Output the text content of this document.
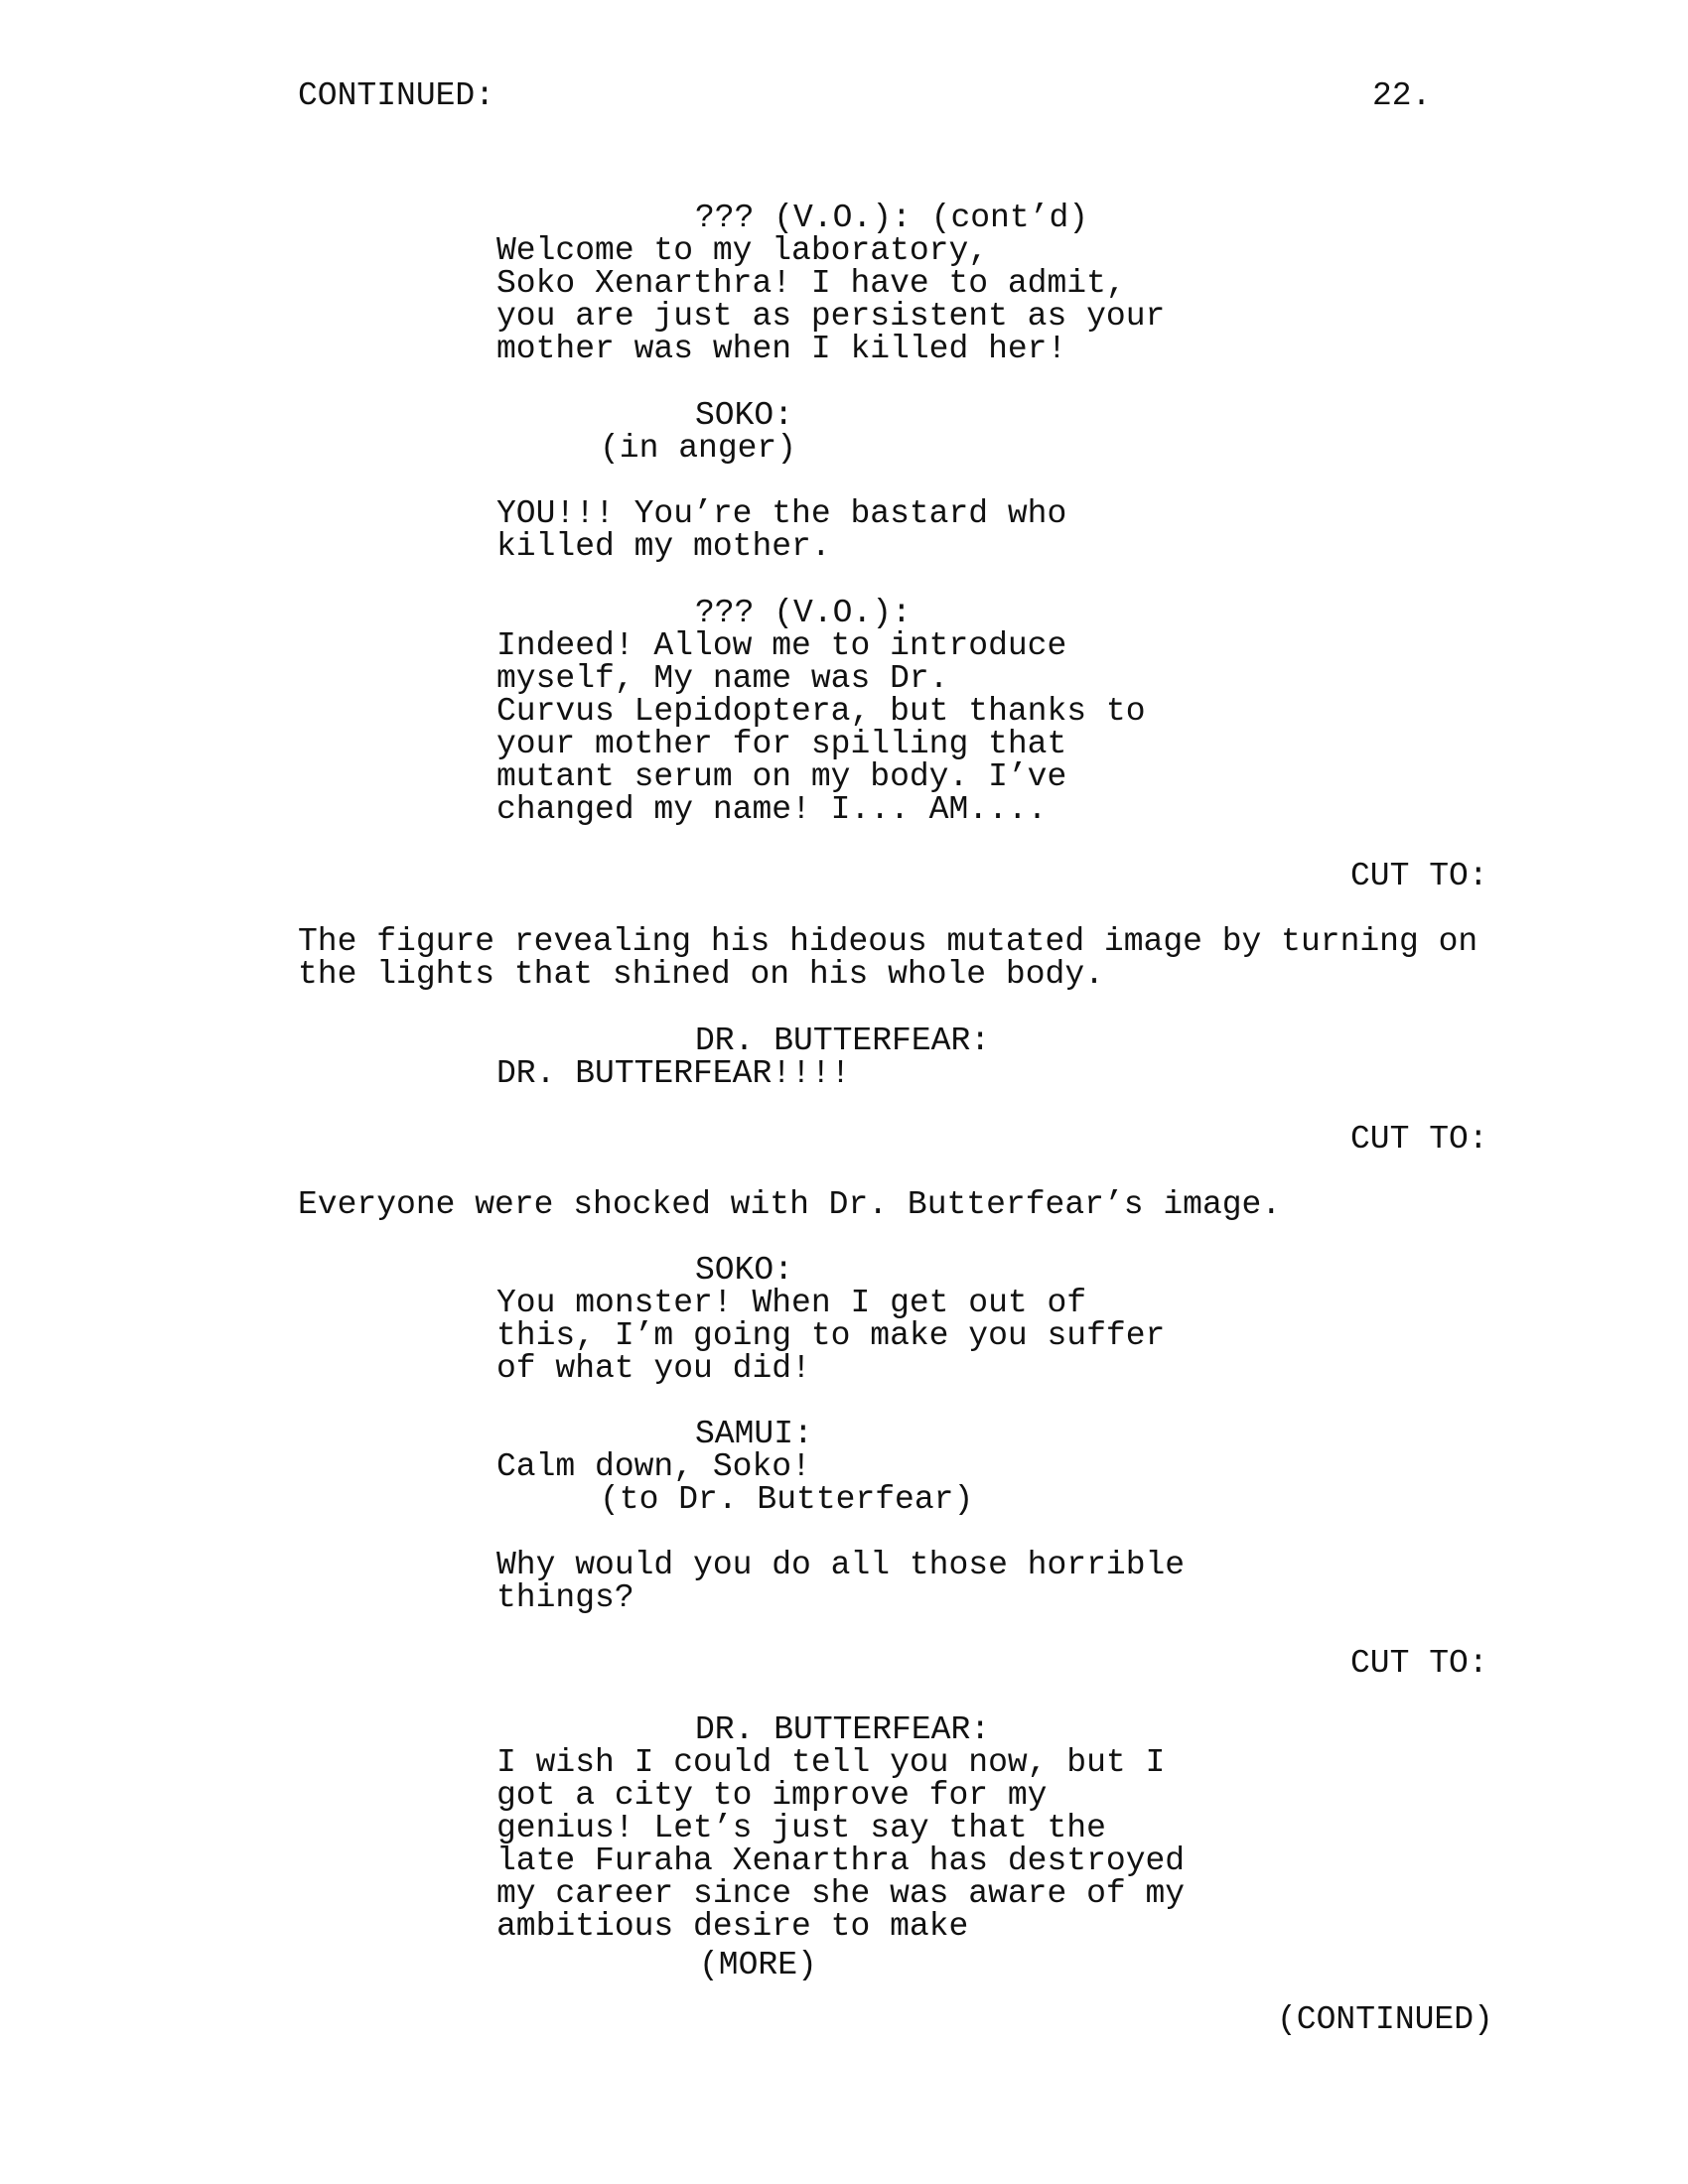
CONTINUED:	22.
??? (V.O.): (cont’d)
Welcome to my laboratory,
Soko Xenarthra! I have to admit,
you are just as persistent as your
mother was when I killed her!
SOKO:
(in anger)
YOU!!! You’re the bastard who
killed my mother.
??? (V.O.):
Indeed! Allow me to introduce
myself, My name was Dr.
Curvus Lepidoptera, but thanks to
your mother for spilling that
mutant serum on my body. I’ve
changed my name! I... AM....
CUT TO:
The figure revealing his hideous mutated image by turning on
the lights that shined on his whole body.
DR. BUTTERFEAR:
DR. BUTTERFEAR!!!!
CUT TO:
Everyone were shocked with Dr. Butterfear’s image.
SOKO:
You monster! When I get out of
this, I’m going to make you suffer
of what you did!
SAMUI:
Calm down, Soko!
(to Dr. Butterfear)
Why would you do all those horrible
things?
CUT TO:
DR. BUTTERFEAR:
I wish I could tell you now, but I
got a city to improve for my
genius! Let’s just say that the
late Furaha Xenarthra has destroyed
my career since she was aware of my
ambitious desire to make
(MORE)
(CONTINUED)
